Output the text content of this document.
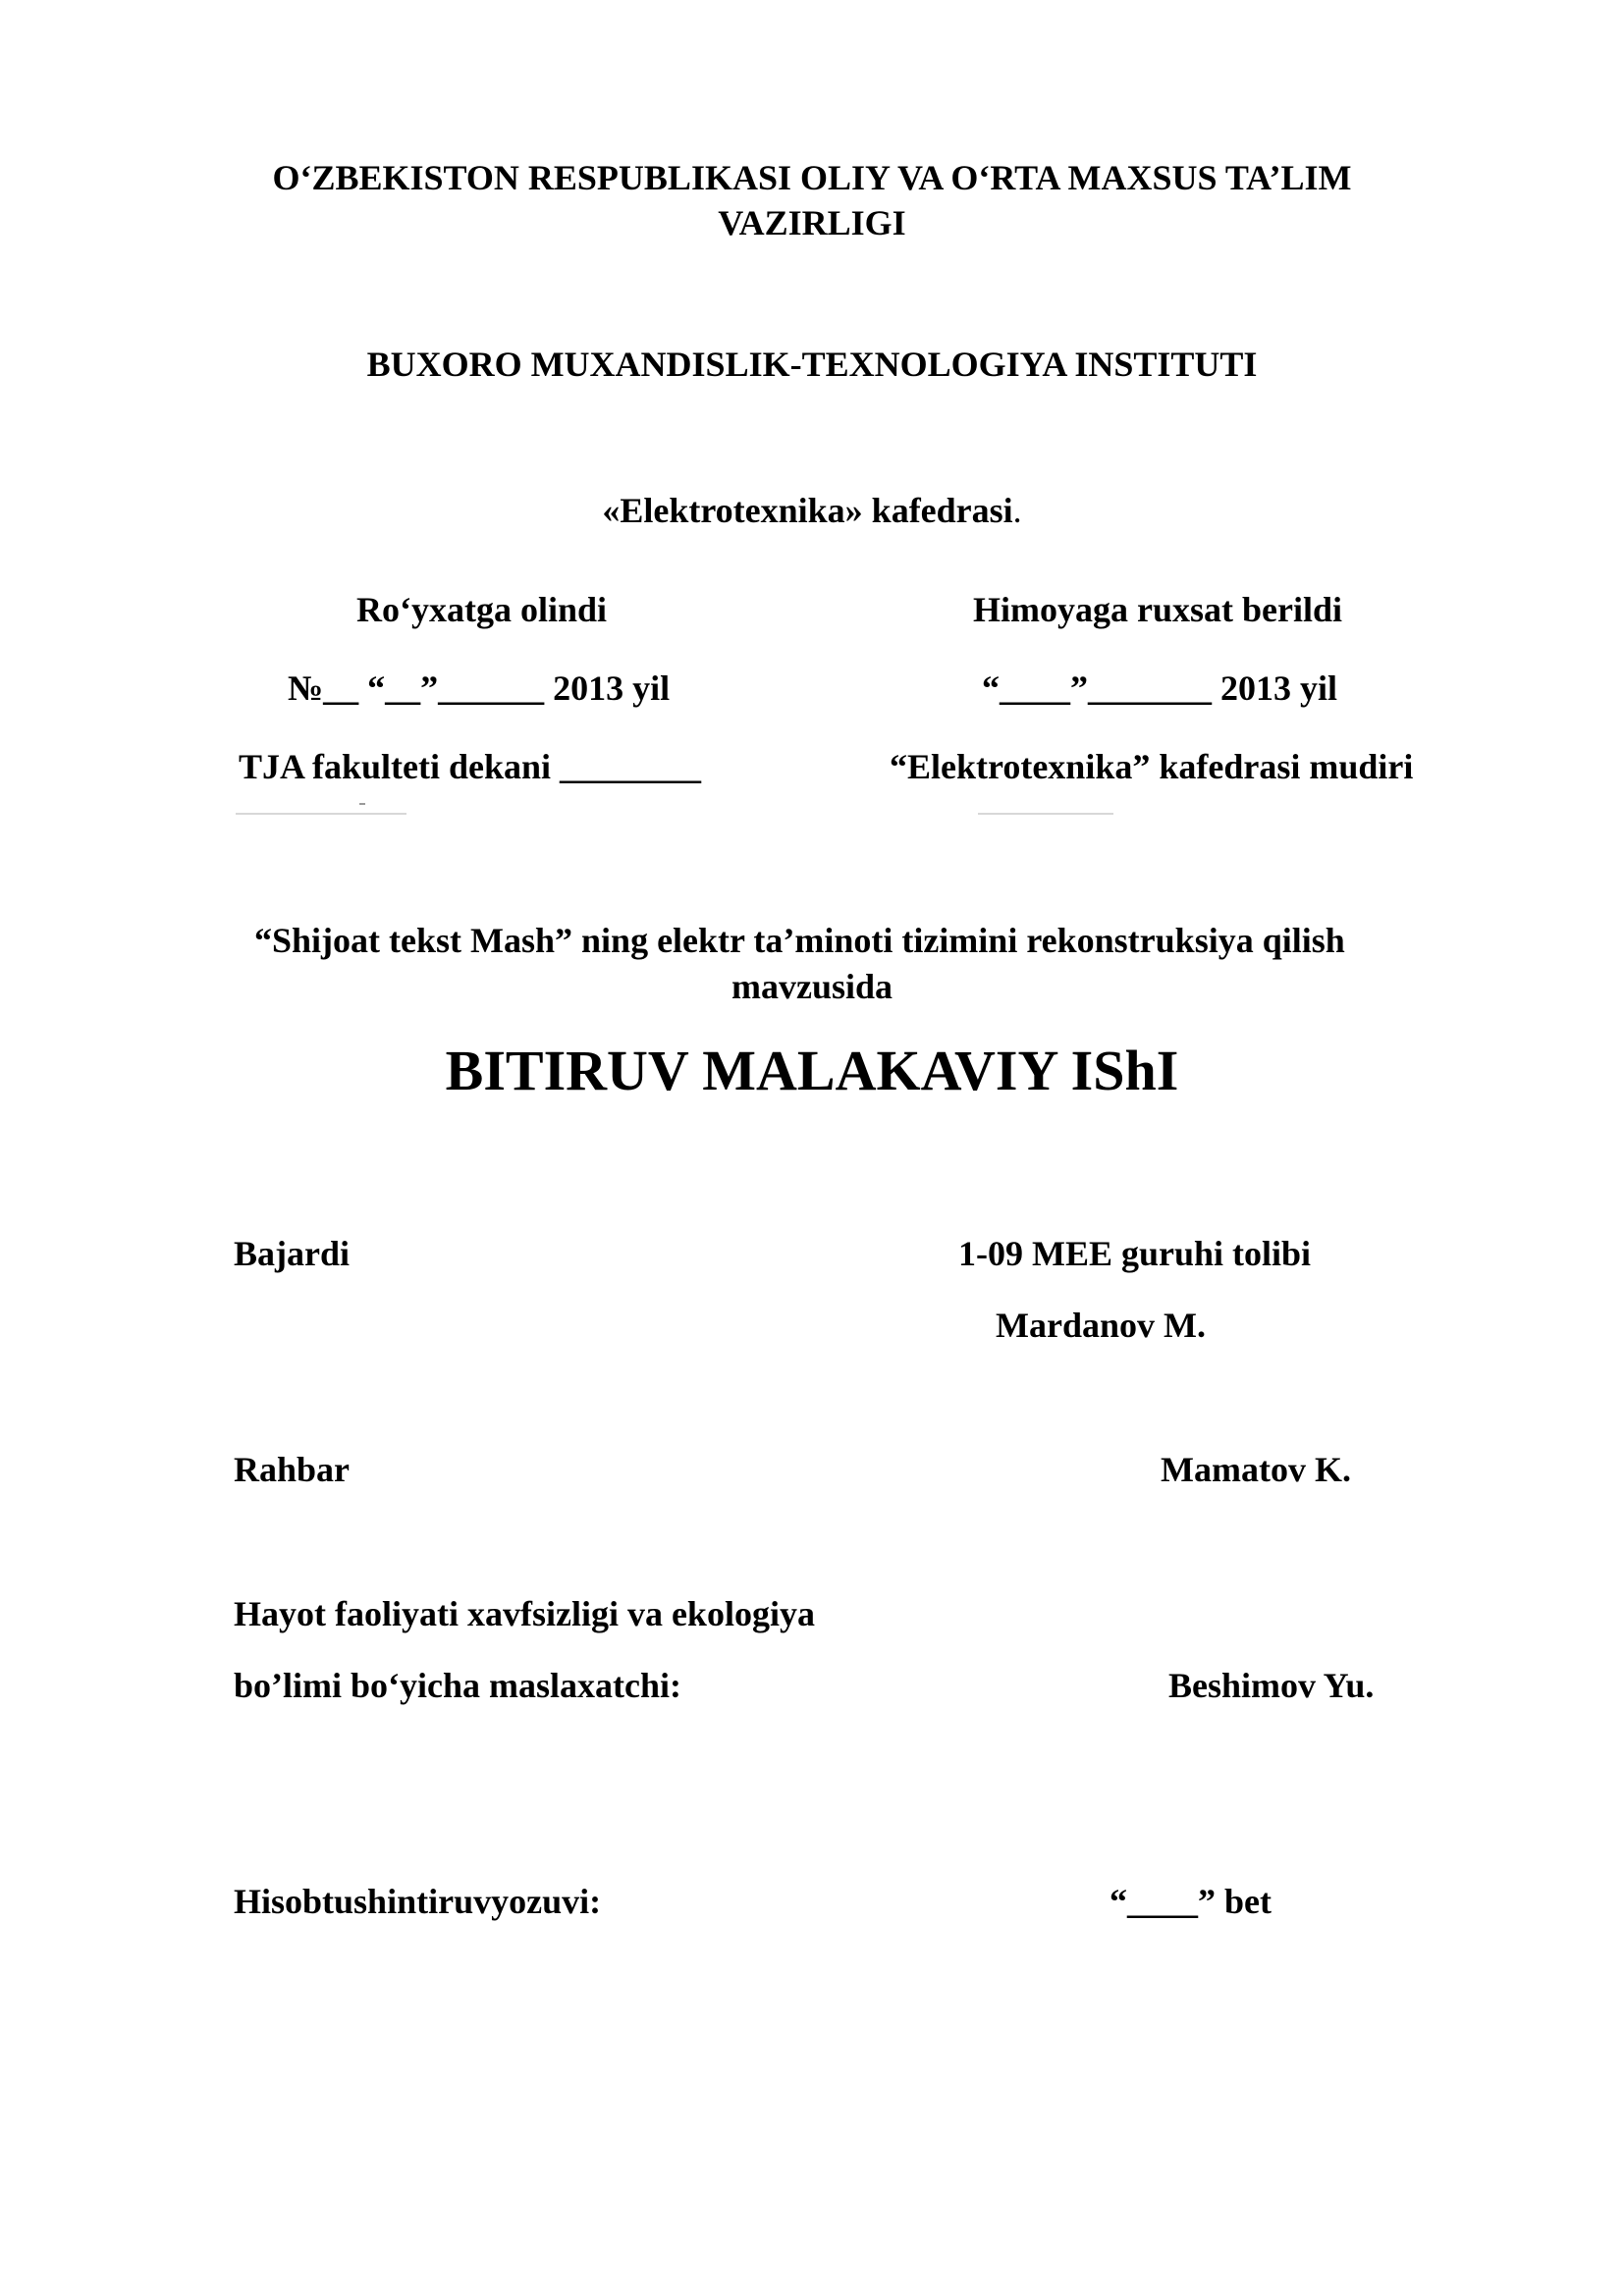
O‘ZBEKISTON RESPUBLIKASI OLIY VA O‘RTA MAXSUS TA’LIM
VAZIRLIGI
BUXORO MUXANDISLIK-TEXNOLOGIYA INSTITUTI
«Elektrotexnika» kafedrasi.
Ro‘yxatga olindi	Himoyaga ruxsat berildi
№__ “__”______ 2013 yil	“____”_______ 2013 yil
TJA fakulteti dekani ________	“Elektrotexnika” kafedrasi mudiri
“Shijoat tekst Mash” ning elektr ta’minoti tizimini rekonstruksiya qilish
mavzusida
BITIRUV MALAKAVIY IShI
Bajardi	1-09 MEE guruhi tolibi
Mardanov M.
Rahbar	Mamatov K.
Hayot faoliyati xavfsizligi va ekologiya
bo’limi bo‘yicha maslaxatchi:	Beshimov Yu.
Hisobtushintiruvyozuvi:	“____” bet
